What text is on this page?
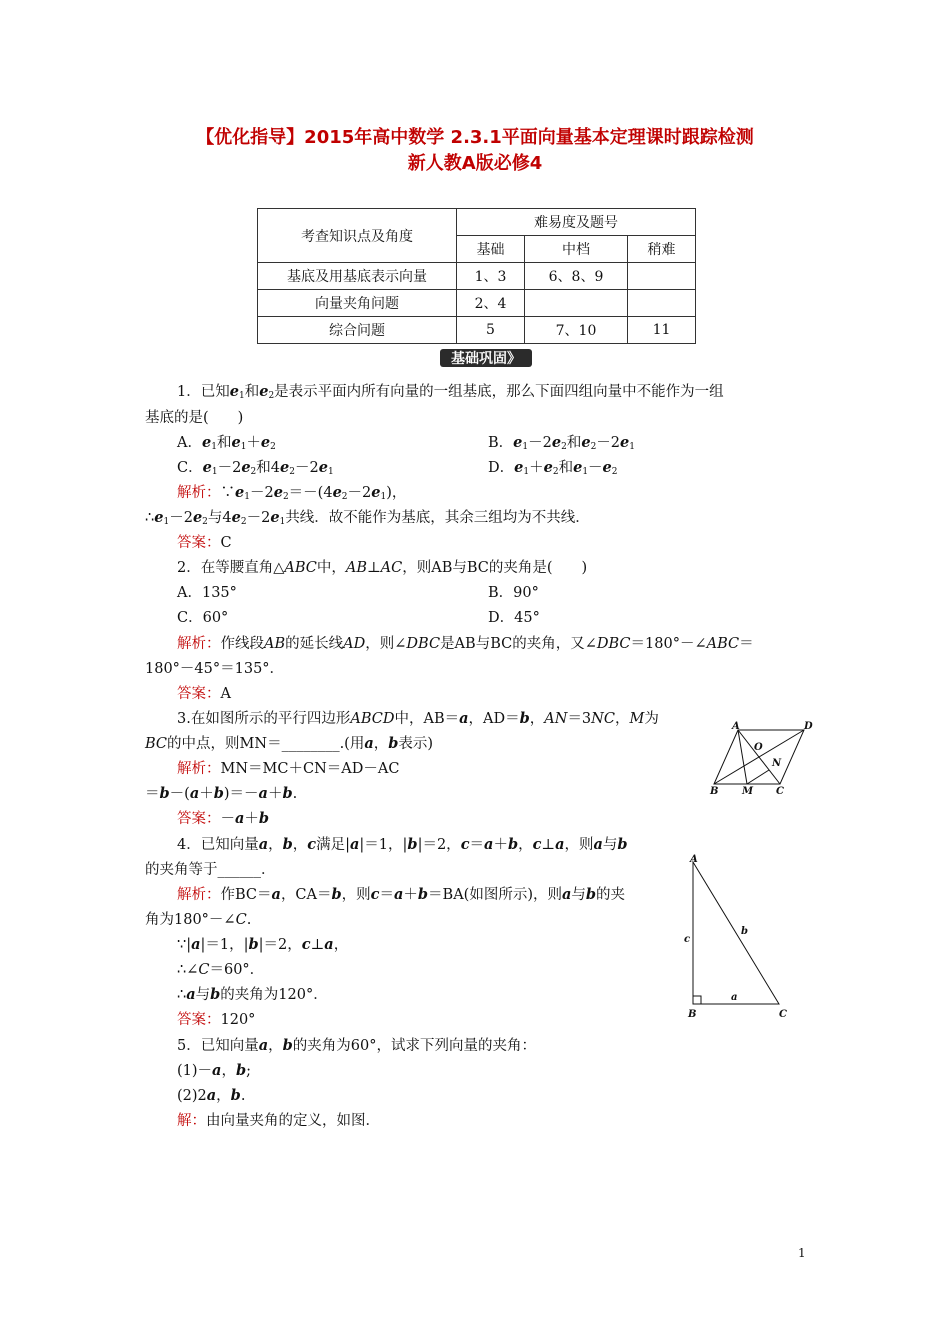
【优化指导】2015年高中数学 2.3.1平面向量基本定理课时跟踪检测
新人教A版必修4
考查知识点及角度	难易度及题号		
	基础	中档	稍难
基底及用基底表示向量	1、3	6、8、9	
向量夹角问题	2、4		
综合问题	5	7、10	11
基础巩固》
1．已知$e_1$和$e_2$是表示平面内所有向量的一组基底，那么下面四组向量中不能作为一组
基底的是(　　)
A．$e_1$和$e_1+e_2$	B．$e_1-2e_2$和$e_2-2e_1$
C．$e_1-2e_2$和$4e_2-2e_1$	D．$e_1+e_2$和$e_1-e_2$
解析：$\because e_1-2e_2=-(4e_2-2e_1)$，
$\therefore e_1-2e_2$与$4e_2-2e_1$共线．故不能作为基底，其余三组均为不共线．
答案：C
2．在等腰直角△ABC中，AB⊥AC，则AB与BC的夹角是(　　)
A．135°	B．90°
C．60°	D．45°
解析：作线段AB的延长线AD，则∠DBC是AB与BC的夹角，又∠DBC＝180°－∠ABC＝
180°－45°＝135°．
答案：A
3.在如图所示的平行四边形ABCD中，AB＝a，AD＝b，AN＝3NC，M为
BC的中点，则MN＝________.(用a，b表示)
解析：MN＝MC＋CN＝AD－AC
＝b－(a＋b)＝－a＋b.
答案：－a＋b
A	D
O
N
B M C
4．已知向量a，b，c满足|a|＝1，|b|＝2，c＝a＋b，c⊥a，则a与b
的夹角等于______．
解析：作BC＝a，CA＝b，则c＝a＋b＝BA(如图所示)，则a与b的夹
角为180°－∠C.
∵|a|＝1，|b|＝2，c⊥a，
∴∠C＝60°．
∴a与b的夹角为120°．
答案：120°
A
b
c
a
B	C
5．已知向量a，b的夹角为60°，试求下列向量的夹角：
(1)－a，b;
(2)2a，b.
解：由向量夹角的定义，如图．
1
